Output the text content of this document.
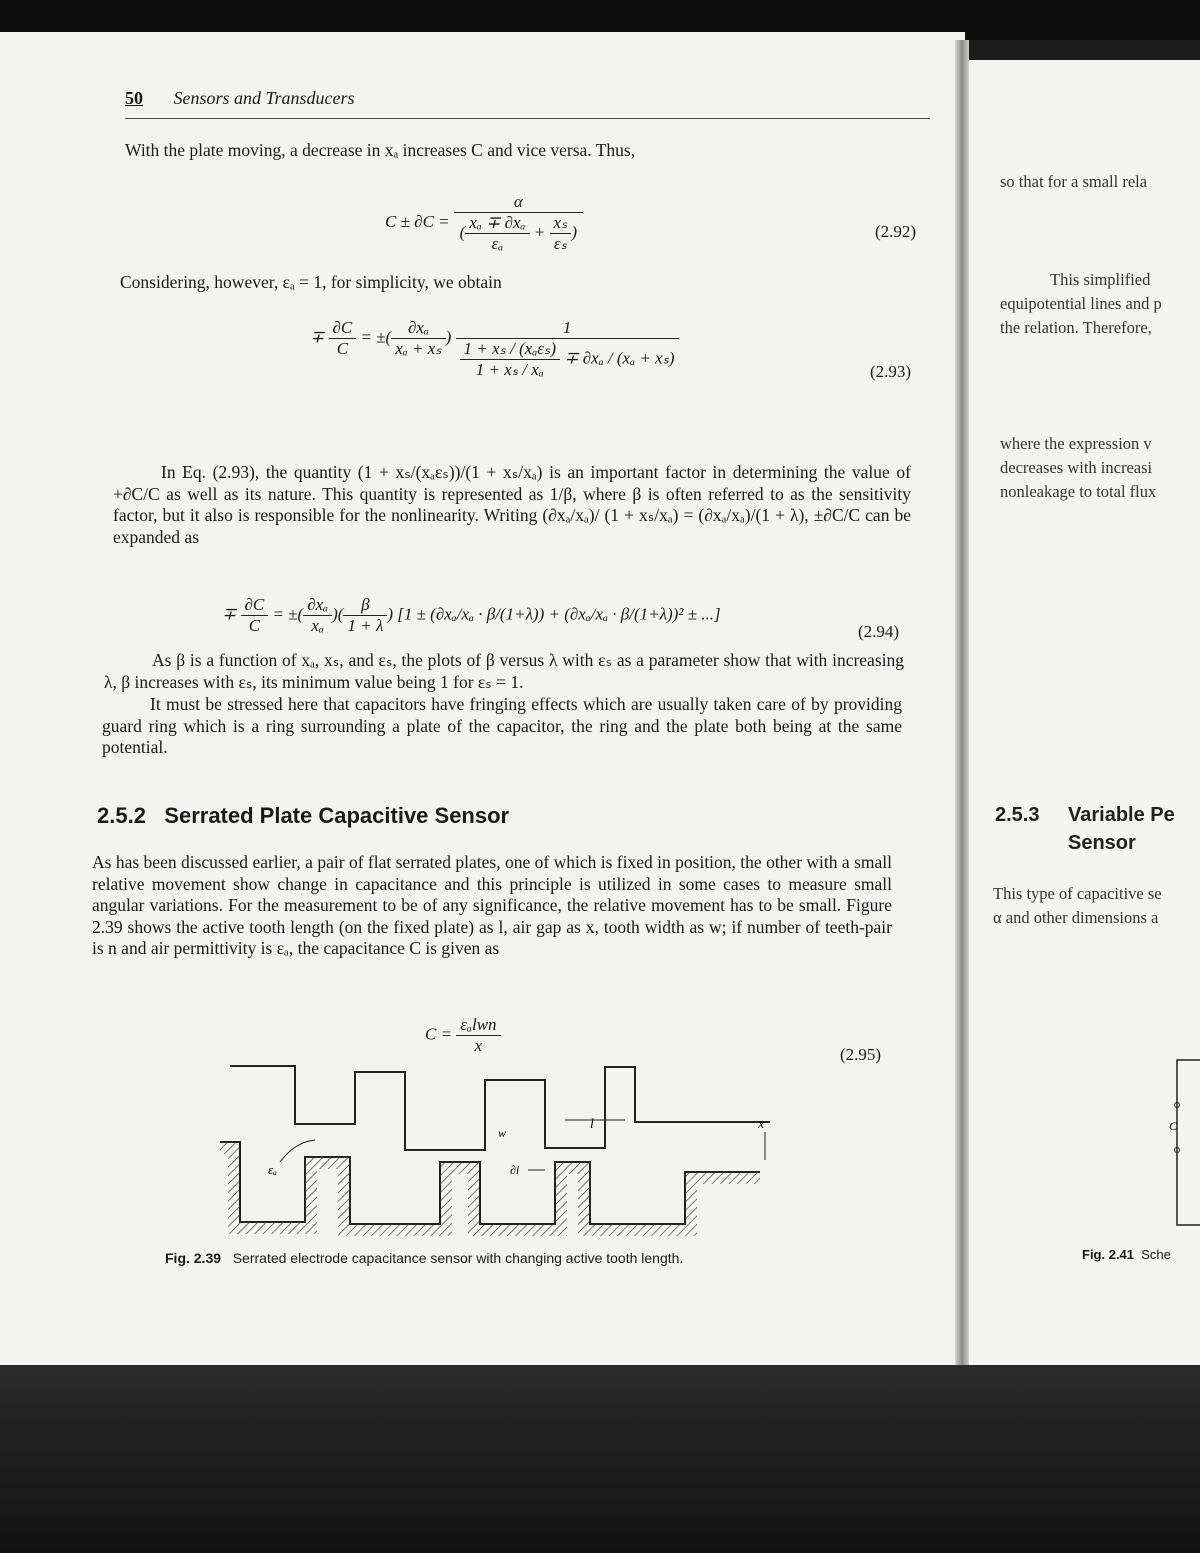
50 Sensors and Transducers
With the plate moving, a decrease in xₐ increases C and vice versa. Thus,
$C \pm \partial C = \frac{\alpha}{( \frac{\text{xₐ ∓ ∂xₐ}}{\text{εₐ}} + \frac{\text{xₛ}}{\text{εₛ}} )}$	(2.92)
Considering, however, εₐ = 1, for simplicity, we obtain
∓ $\frac{\partial C}{C}$ = ±( $\frac{\text{∂xₐ}}{\text{xₐ + xₛ}}$ ) $\frac{1}{\frac{\text{1 + xₛ / (xₐεₛ)}}{\text{1 + xₛ / xₐ}} \mp \partial x_a / (x_a + x_s)}$	(2.93)
In Eq. (2.93), the quantity (1 + xₛ/(xₐεₛ))/(1 + xₛ/xₐ) is an important factor in determining the value of +∂C/C as well as its nature. This quantity is represented as 1/β, where β is often referred to as the sensitivity factor, but it also is responsible for the nonlinearity. Writing (∂xₐ/xₐ)/ (1 + xₛ/xₐ) = (∂xₐ/xₐ)/(1 + λ), ±∂C/C can be expanded as
∓ $\frac{\partial C}{C}$ = ±( $\frac{\text{∂xₐ}}{\text{xₐ}}$ )( $\frac{\beta}{1 + \lambda}$ ) [1 ± (∂xₐ/xₐ · β/(1+λ)) + (∂xₐ/xₐ · β/(1+λ))² ± ...]
(2.94)
As β is a function of xₐ, xₛ, and εₛ, the plots of β versus λ with εₛ as a parameter show that with increasing λ, β increases with εₛ, its minimum value being 1 for εₛ = 1.
It must be stressed here that capacitors have fringing effects which are usually taken care of by providing guard ring which is a ring surrounding a plate of the capacitor, the ring and the plate both being at the same potential.
2.5.2 Serrated Plate Capacitive Sensor
As has been discussed earlier, a pair of flat serrated plates, one of which is fixed in position, the other with a small relative movement show change in capacitance and this principle is utilized in some cases to measure small angular variations. For the measurement to be of any significance, the relative movement has to be small. Figure 2.39 shows the active tooth length (on the fixed plate) as l, air gap as x, tooth width as w; if number of teeth-pair is n and air permittivity is εₐ, the capacitance C is given as
$C = \frac{\text{εₐlwn}}{x}$	(2.95)
l	x
w
εₐ	∂l
Fig. 2.39 Serrated electrode capacitance sensor with changing active tooth length.
so that for a small rela
This simplified
equipotential lines and p
the relation. Therefore,
where the expression v
decreases with increasi
nonleakage to total flux
2.5.3 Variable Pe
Sensor
This type of capacitive se
α and other dimensions a
C
Fig. 2.41 Sche
